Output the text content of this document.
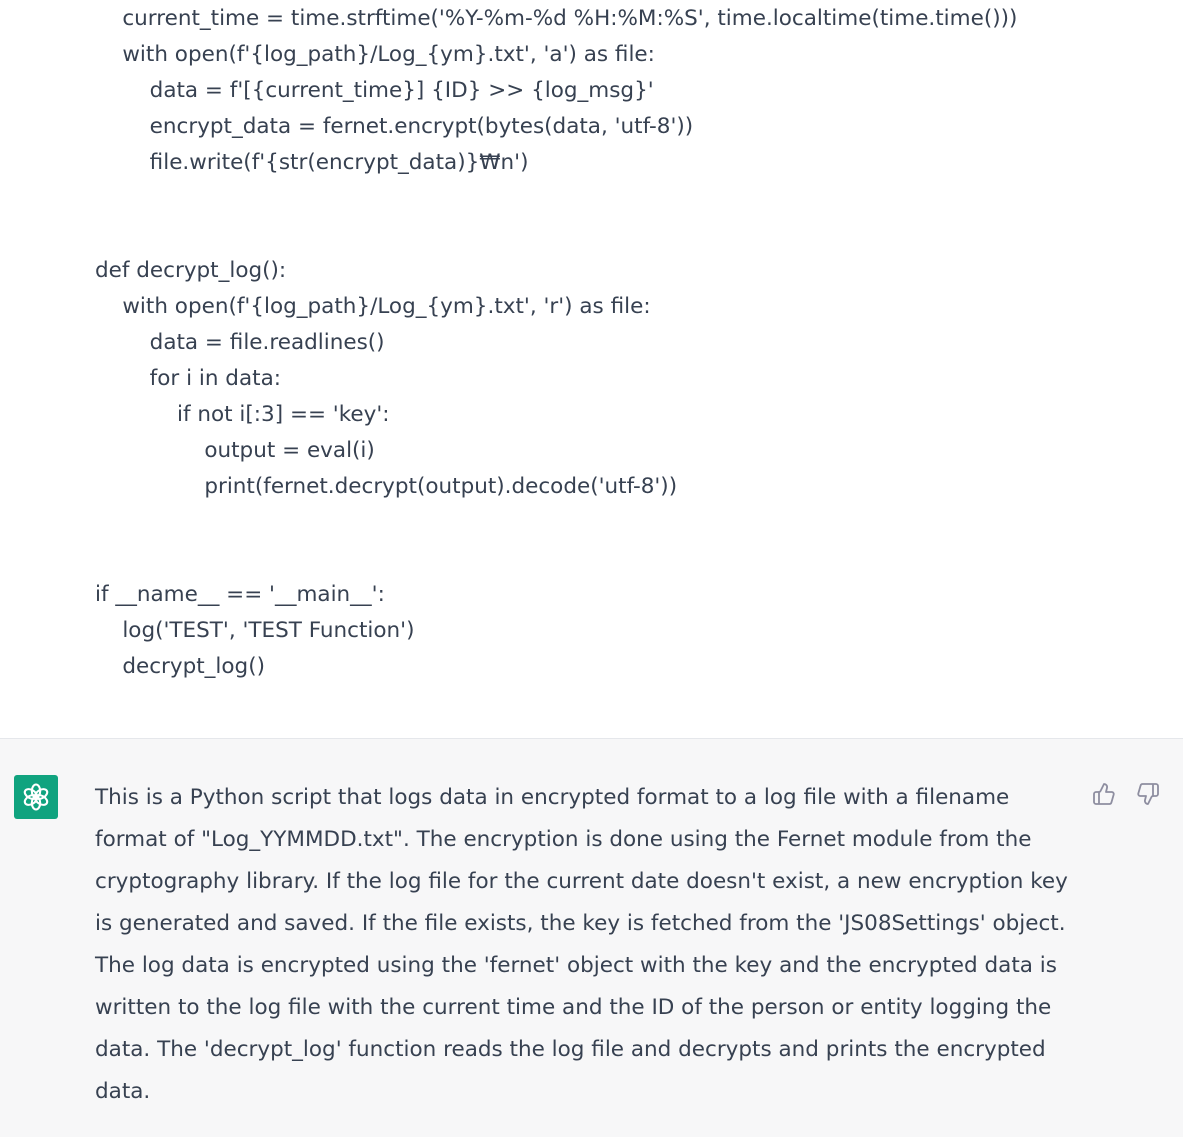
current_time = time.strftime('%Y-%m-%d %H:%M:%S', time.localtime(time.time()))
with open(f'{log_path}/Log_{ym}.txt', 'a') as file:
data = f'[{current_time}] {ID} >> {log_msg}'
encrypt_data = fernet.encrypt(bytes(data, 'utf-8'))
file.write(f'{str(encrypt_data)}₩n')
def decrypt_log():
with open(f'{log_path}/Log_{ym}.txt', 'r') as file:
data = file.readlines()
for i in data:
if not i[:3] == 'key':
output = eval(i)
print(fernet.decrypt(output).decode('utf-8'))
if __name__ == '__main__':
log('TEST', 'TEST Function')
decrypt_log()
This is a Python script that logs data in encrypted format to a log file with a filename format of "Log_YYMMDD.txt". The encryption is done using the Fernet module from the cryptography library. If the log file for the current date doesn't exist, a new encryption key is generated and saved. If the file exists, the key is fetched from the 'JS08Settings' object. The log data is encrypted using the 'fernet' object with the key and the encrypted data is written to the log file with the current time and the ID of the person or entity logging the data. The 'decrypt_log' function reads the log file and decrypts and prints the encrypted data.
